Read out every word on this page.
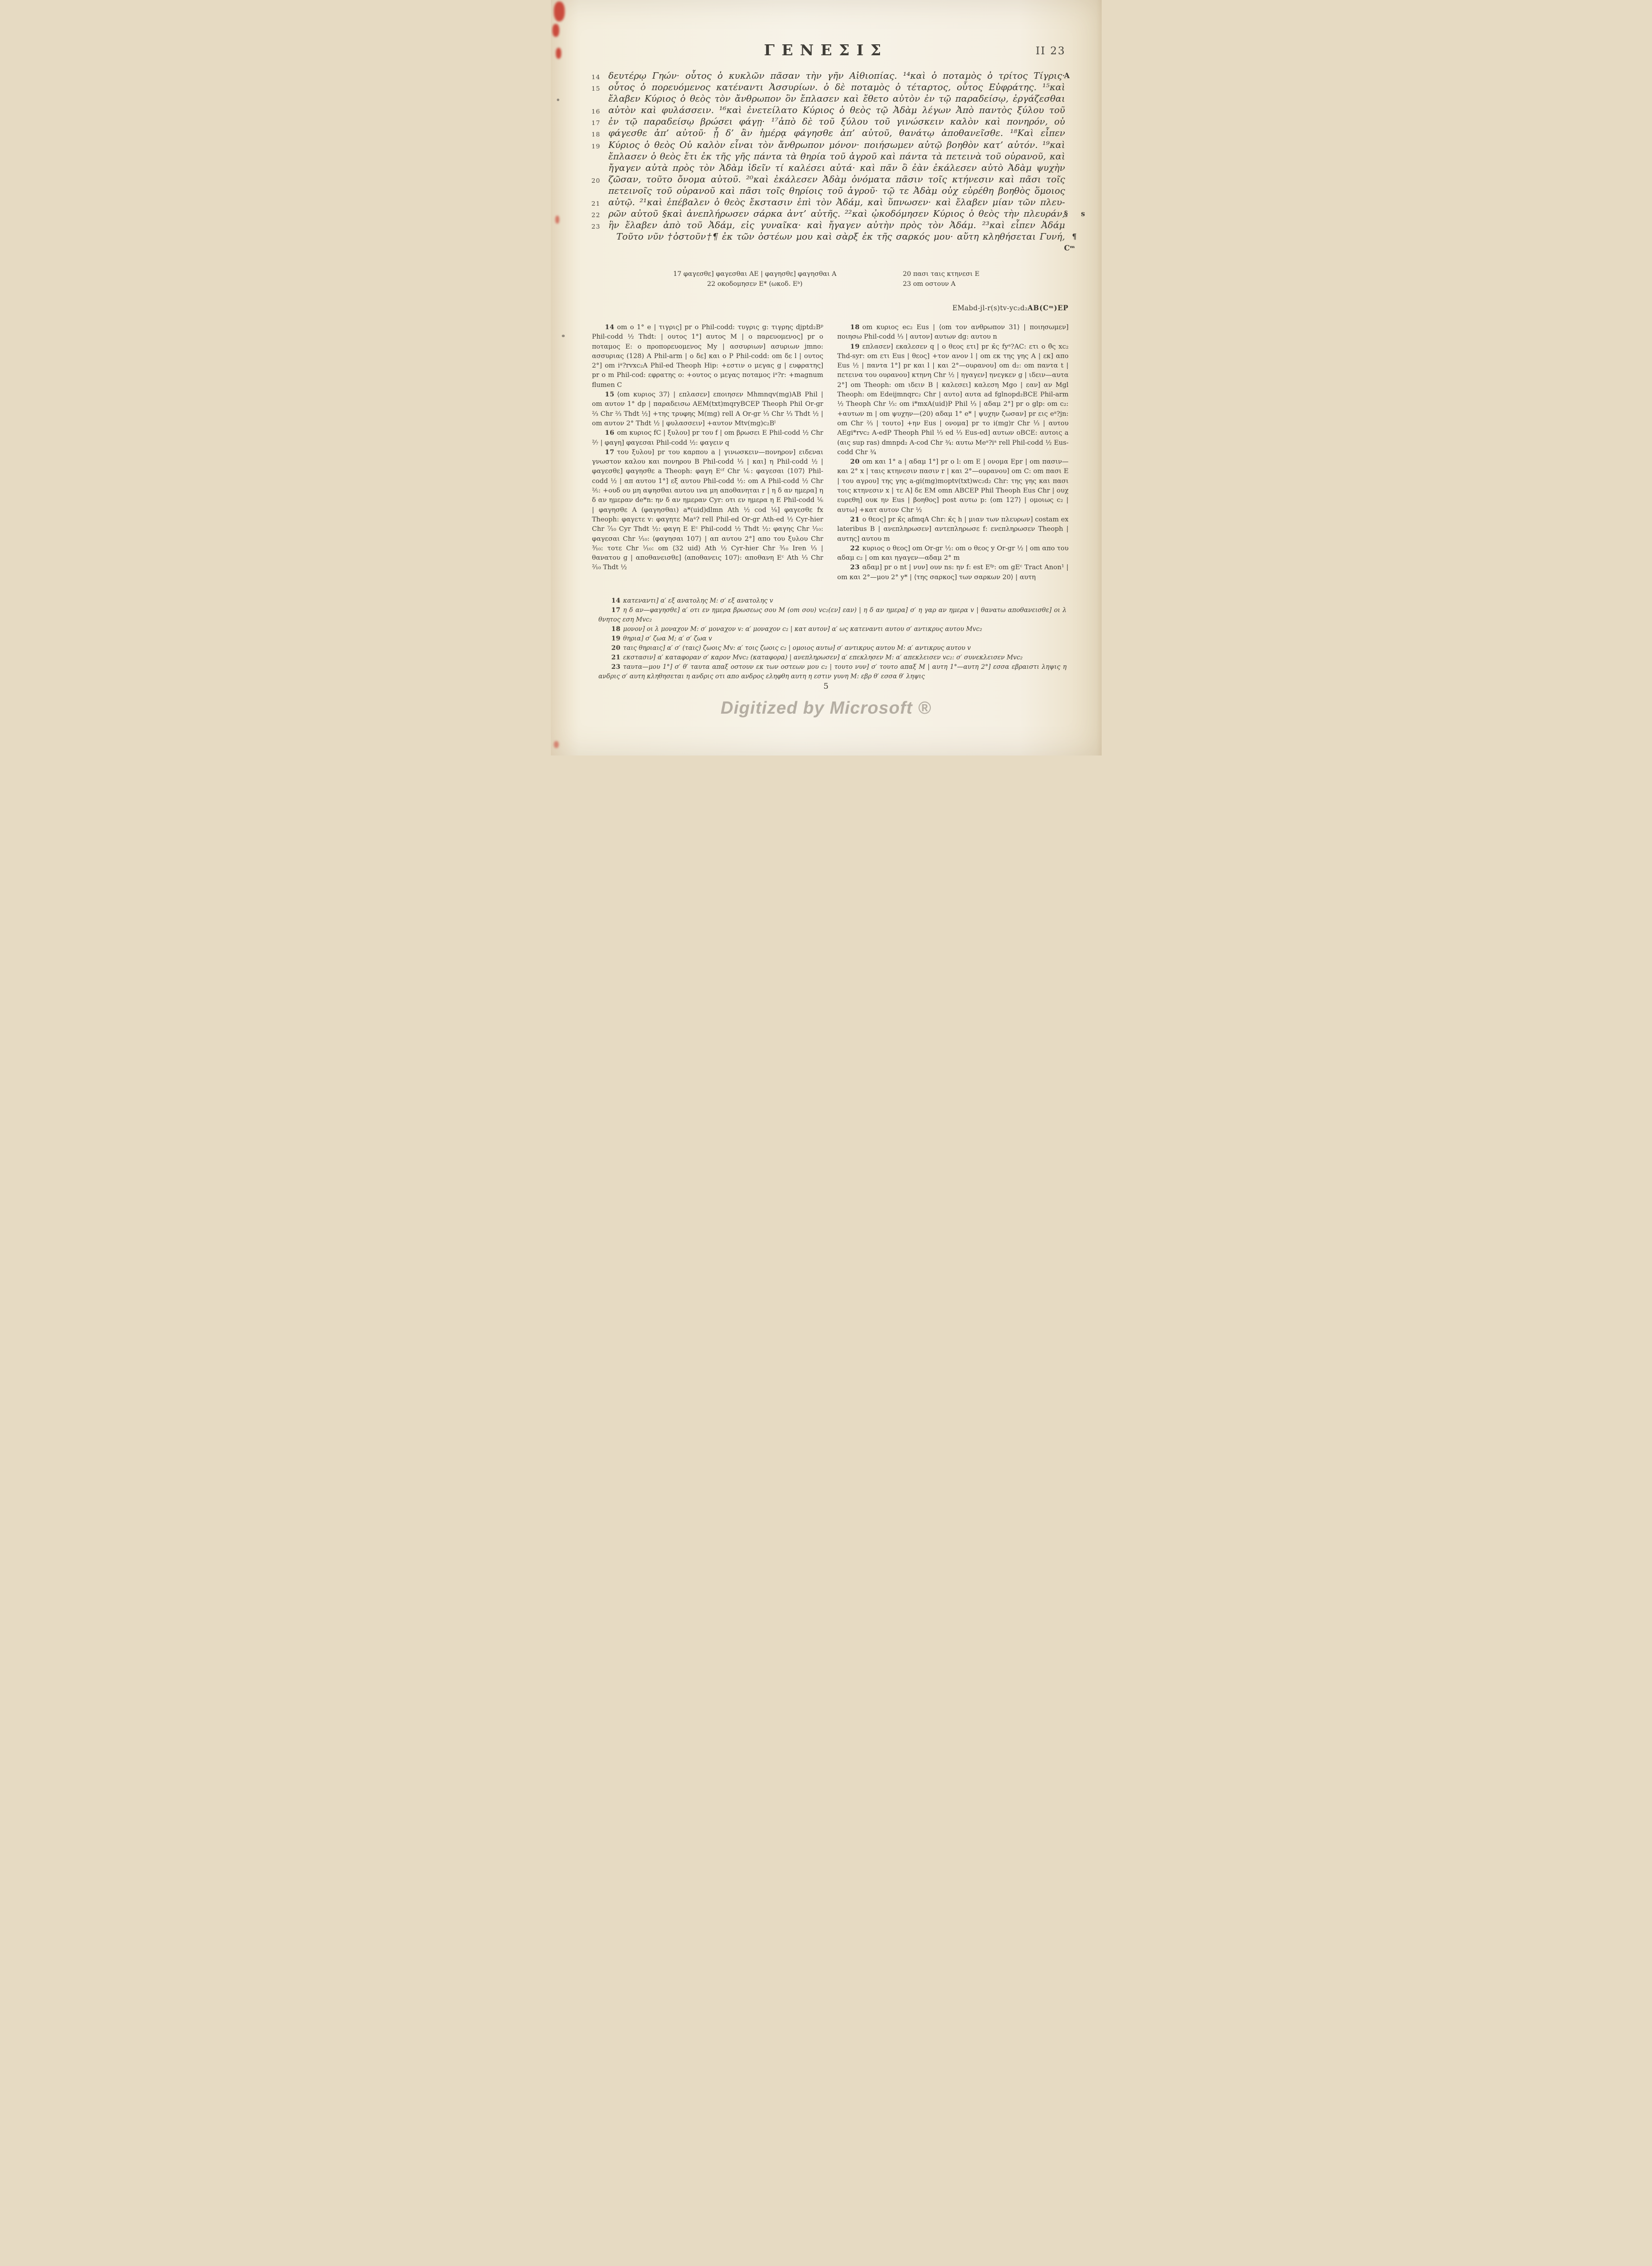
ΓΕΝΕΣΙΣ	II 23
14 δευτέρῳ Γηών· οὗτος ὁ κυκλῶν πᾶσαν τὴν γῆν Αἰθιοπίας. ¹⁴καὶ ὁ ποταμὸς ὁ τρίτος Τίγρις·
A
15 οὗτος ὁ πορευόμενος κατέναντι Ἀσσυρίων. ὁ δὲ ποταμὸς ὁ τέταρτος, οὗτος Εὐφράτης. ¹⁵καὶ
ἔλαβεν Κύριος ὁ θεὸς τὸν ἄνθρωπον ὃν ἔπλασεν καὶ ἔθετο αὐτὸν ἐν τῷ παραδείσῳ, ἐργάζεσθαι
16 αὐτὸν καὶ φυλάσσειν. ¹⁶καὶ ἐνετείλατο Κύριος ὁ θεὸς τῷ Ἀδὰμ λέγων Ἀπὸ παντὸς ξύλου τοῦ
17 ἐν τῷ παραδείσῳ βρώσει φάγῃ· ¹⁷ἀπὸ δὲ τοῦ ξύλου τοῦ γινώσκειν καλὸν καὶ πονηρόν, οὐ
18 φάγεσθε ἀπ’ αὐτοῦ· ᾗ δ’ ἂν ἡμέρᾳ φάγησθε ἀπ’ αὐτοῦ, θανάτῳ ἀποθανεῖσθε. ¹⁸Καὶ εἶπεν
19 Κύριος ὁ θεὸς Οὐ καλὸν εἶναι τὸν ἄνθρωπον μόνον· ποιήσωμεν αὐτῷ βοηθὸν κατ’ αὐτόν. ¹⁹καὶ
ἔπλασεν ὁ θεὸς ἔτι ἐκ τῆς γῆς πάντα τὰ θηρία τοῦ ἀγροῦ καὶ πάντα τὰ πετεινὰ τοῦ οὐρανοῦ, καὶ
ἤγαγεν αὐτὰ πρὸς τὸν Ἀδὰμ ἰδεῖν τί καλέσει αὐτά· καὶ πᾶν ὃ ἐὰν ἐκάλεσεν αὐτὸ Ἀδὰμ ψυχὴν
20 ζῶσαν, τοῦτο ὄνομα αὐτοῦ. ²⁰καὶ ἐκάλεσεν Ἀδὰμ ὀνόματα πᾶσιν τοῖς κτήνεσιν καὶ πᾶσι τοῖς
πετεινοῖς τοῦ οὐρανοῦ καὶ πᾶσι τοῖς θηρίοις τοῦ ἀγροῦ· τῷ τε Ἀδὰμ οὐχ εὑρέθη βοηθὸς ὅμοιος
21 αὐτῷ. ²¹καὶ ἐπέβαλεν ὁ θεὸς ἔκστασιν ἐπὶ τὸν Ἀδάμ, καὶ ὕπνωσεν· καὶ ἔλαβεν μίαν τῶν πλευ-
22 ρῶν αὐτοῦ §καὶ ἀνεπλήρωσεν σάρκα ἀντ’ αὐτῆς. ²²καὶ ᾠκοδόμησεν Κύριος ὁ θεὸς τὴν πλευράν,
§ s
23 ἣν ἔλαβεν ἀπὸ τοῦ Ἀδάμ, εἰς γυναῖκα· καὶ ἤγαγεν αὐτὴν πρὸς τὸν Ἀδάμ. ²³καὶ εἶπεν Ἀδάμ
Τοῦτο νῦν †ὀστοῦν†¶ ἐκ τῶν ὀστέων μου καὶ σὰρξ ἐκ τῆς σαρκός μου· αὕτη κληθήσεται Γυνή, ¶ Cᵐ
17 φαγεσθε] φαγεσθαι ΑΕ | φαγησθε] φαγησθαι Α	20 πασι ταις κτηνεσι Ε
22 οκοδομησεν Ε* (ωκοδ. Εᵇ)	23 om οστουν Α
EMabd-jl-r(s)tv-yc₂d₂AB(Cᵐ)EP

14 om ο 1° e | τιγρις] pr ο Phil-codd: τυγρις g: τιγρης djptd₂Bᵖ Phil-codd ½ Thdt: | ουτος 1°] αυτος M | ο παρευομενος] pr ο ποταμος E: ο προπορευομενος My | ασσυριων] ασυριων jmno: ασσυριας (128) A Phil-arm | ο δε] και ο P Phil-codd: om δε l | ουτος 2°] om iᵃ?rvxc₂A Phil-ed Theoph Hip: +εστιν ο μεγας g | ευφρατης] pr ο m Phil-cod: εφρατης ο: +ουτος ο μεγας ποταμος iᵃ?r: +magnum flumen C

15 ⟨om κυριος 37⟩ | επλασεν] εποιησεν Mhmnqv(mg)AB Phil | om αυτον 1° dp | παραδεισω AEM(txt)mqryBCEP Theoph Phil Or-gr ⅔ Chr ⅔ Thdt ½] +της τρυφης M(mg) rell A Or-gr ⅓ Chr ⅓ Thdt ½ | om αυτον 2° Thdt ½ | φυλασσειν] +αυτον Mtv(mg)c₂Bˡ

16 om κυριος fC | ξυλου] pr του f | om βρωσει E Phil-codd ½ Chr ²⁄₇ | φαγη] φαγεσαι Phil-codd ½: φαγειν q

17 του ξυλου] pr του καρπου a | γινωσκειν—πονηρον] ειδεναι γνωστον καλου και πονηρου B Phil-codd ⅓ | και] η Phil-codd ½ | φαγεσθε] φαγησθε a Theoph: φαγη Eᶜᶠ Chr ⅙: φαγεσαι ⟨107⟩ Phil-codd ½ | απ αυτου 1°] εξ αυτου Phil-codd ½: om A Phil-codd ½ Chr ⅖: +ουδ ου μη αψησθαι αυτου ινα μη αποθανηται r | η δ αν ημερα] η δ αν ημεραν de*n: ην δ αν ημεραν Cyr: οτι εν ημερα η E Phil-codd ⅙ | φαγησθε A (φαγησθαι) a*(uid)dlmn Ath ½ cod ⅛] φαγεσθε fx Theoph: φαγετε v: φαγητε Maᵃ? rell Phil-ed Or-gr Ath-ed ½ Cyr-hier Chr ⁷⁄₁₀ Cyr Thdt ½: φαγη E Eᶜ Phil-codd ½ Thdt ½: φαγης Chr ¹⁄₁₀: φαγεσαι Chr ¹⁄₁₀: ⟨φαγησαι 107⟩ | απ αυτου 2°] απο του ξυλου Chr ³⁄₁₀: τοτε Chr ¹⁄₁₀: om ⟨32 uid⟩ Ath ½ Cyr-hier Chr ³⁄₁₀ Iren ⅓ | θανατου g | αποθανεισθε] ⟨αποθανεις 107⟩: αποθανη Eᶜ Ath ⅓ Chr ²⁄₁₀ Thdt ½

18 om κυριος ec₂ Eus | ⟨om τον ανθρωπον 31⟩ | ποιησωμεν] ποιησω Phil-codd ⅓ | αυτον] αυτων dg: αυτου n

19 επλασεν] εκαλεσεν q | ο θεος ετι] pr κ̄ς fyᵃ?AC: ετι ο θ̄ς xc₂ Thd-syr: om ετι Eus | θεος] +τον ανον l | om εκ της γης A | εκ] απο Eus ½ | παντα 1°] pr και l | και 2°—ουρανου] om d₂: om παντα t | πετεινα του ουρανου] κτηνη Chr ½ | ηγαγεν] ηνεγκεν g | ιδειν—αυτα 2°] om Theoph: om ιδειν B | καλεσει] καλεση Mgo | εαν] αν Mgl Theoph: om Edeijmnqrc₂ Chr | αυτο] αυτα ad fglnopd₂BCE Phil-arm ½ Theoph Chr ⅓: om i*mxA(uid)P Phil ⅓ | αδαμ 2°] pr ο glp: om c₂: +αυτων m | om ψυχην—(20) αδαμ 1° e* | ψυχην ζωσαν] pr εις eᵃ?jn: om Chr ⅔ | τουτο] +ην Eus | ονομα] pr το i(mg)r Chr ⅓ | αυτου AEgi*rvc₂ A-edP Theoph Phil ⅓ ed ⅓ Eus-ed] αυτων οBCE: αυτοις a (αις sup ras) dmnpd₂ A-cod Chr ¾: αυτω Meᵃ?iᵃ rell Phil-codd ½ Eus-codd Chr ¾

20 om και 1° a | αδαμ 1°] pr ο l: om E | ονομα Epr | om πασιν—και 2° x | ταις κτηνεσιν πασιν r | και 2°—ουρανου] om C: om πασι E | του αγρου] της γης a-gi(mg)moptv(txt)wc₂d₂ Chr: της γης και πασι τοις κτηνεσιν x | τε A] δε EM omn ABCEP Phil Theoph Eus Chr | ουχ ευρεθη] ουκ ην Eus | βοηθος] post αυτω p: ⟨om 127⟩ | ομοιως c₂ | αυτω] +κατ αυτον Chr ½

21 ο θεος] pr κ̄ς afmqA Chr: κ̄ς h | μιαν των πλευρων] costam ex lateribus B | ανεπληρωσεν] αντεπληρωσε f: ενεπληρωσεν Theoph | αυτης] αυτου m

22 κυριος ο θεος] om Or-gr ½: om ο θεος y Or-gr ½ | om απο του αδαμ c₂ | om και ηγαγεν—αδαμ 2° m

23 αδαμ] pr o nt | νυν] ουν ns: ην f: est Eᶠᵖ: om gEᶜ Tract Anon¹ | om και 2°—μου 2° y* | ⟨της σαρκος] των σαρκων 20⟩ | αυτη

14 κατεναντι] α′ εξ ανατολης M: σ′ εξ ανατολης v

17 η δ αν—φαγησθε] α′ οτι εν ημερα βρωσεως σου M (om σου) vc₂(εν] εαν) | η δ αν ημερα] σ′ η γαρ αν ημερα v | θανατω αποθανεισθε] οι λ θνητος εση Mvc₂

18 μονον] οι λ μοναχον M: σ′ μοναχον v: α′ μοναχον c₂ | κατ αυτον] α′ ως κατεναντι αυτου σ′ αντικρυς αυτου Mvc₂

19 θηρια] σ′ ζωα M; α′ σ′ ζωα v

20 ταις θηριαις] α′ σ′ (ταις) ζωοις Mv: α′ τοις ζωοις c₂ | ομοιος αυτω] σ′ αντικρυς αυτου M: α′ αντικρυς αυτου v

21 εκστασιν] α′ καταφοραν σ′ καρον Mvc₂ (καταφορα) | ανεπληρωσεν] α′ επεκλησεν M: α′ απεκλεισεν vc₂: σ′ συνεκλεισεν Mvc₂

23 ταυτα—μου 1°] σ′ θ′ ταυτα απαξ οστουν εκ των οστεων μου c₂ | τουτο νυν] σ′ τουτο απαξ M | αυτη 1°—αυτη 2°] εσσα εβραιστι ληψις η ανδρις σ′ αυτη κληθησεται η ανδρις οτι απο ανδρος εληφθη αυτη η εστιν γυνη M: εβρ θ′ εσσα θ′ ληψις

5
Digitized by Microsoft ®
